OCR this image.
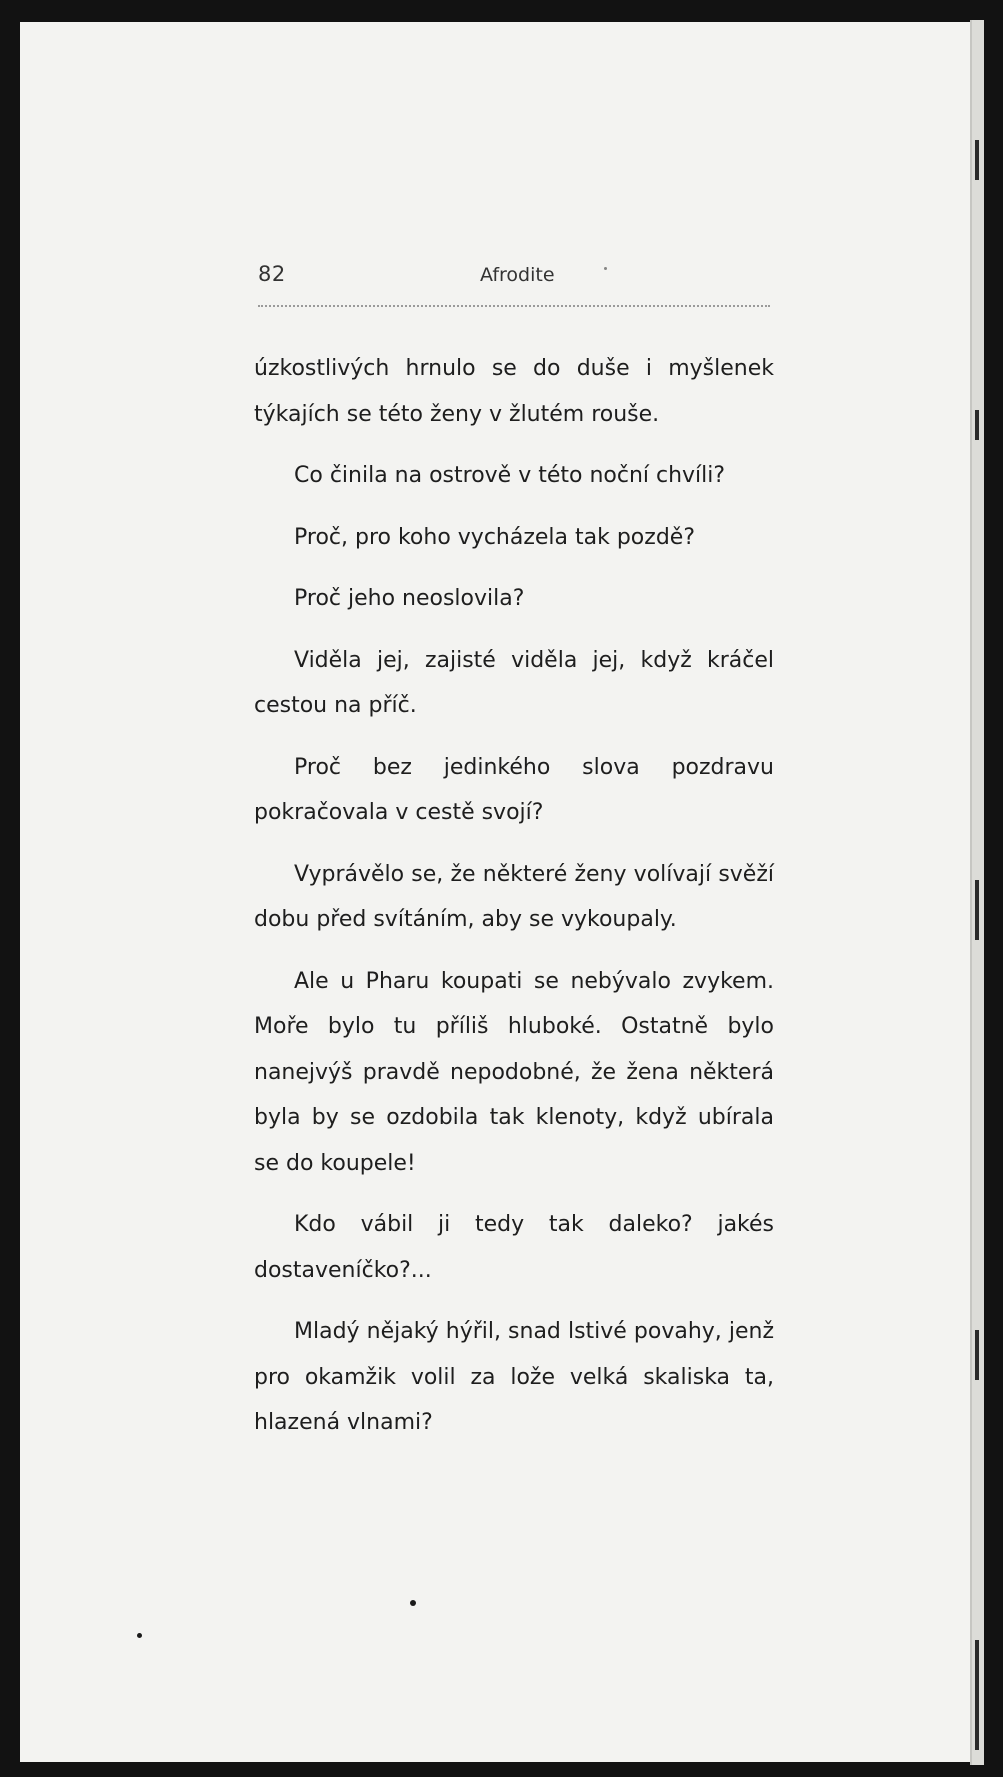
82	Afrodite

úzkostlivých hrnulo se do duše i myšlenek týkajích se této ženy v žlutém rouše.

Co činila na ostrově v této noční chvíli?

Proč, pro koho vycházela tak pozdě?

Proč jeho neoslovila?

Viděla jej, zajisté viděla jej, když kráčel cestou na příč.

Proč bez jedinkého slova pozdravu pokračovala v cestě svojí?

Vyprávělo se, že některé ženy volívají svěží dobu před svítáním, aby se vykoupaly.

Ale u Pharu koupati se nebývalo zvykem. Moře bylo tu příliš hluboké. Ostatně bylo nanejvýš pravdě nepodobné, že žena některá byla by se ozdobila tak klenoty, když ubírala se do koupele!

Kdo vábil ji tedy tak daleko? jakés dostaveníčko?...

Mladý nějaký hýřil, snad lstivé povahy, jenž pro okamžik volil za lože velká skaliska ta, hlazená vlnami?
